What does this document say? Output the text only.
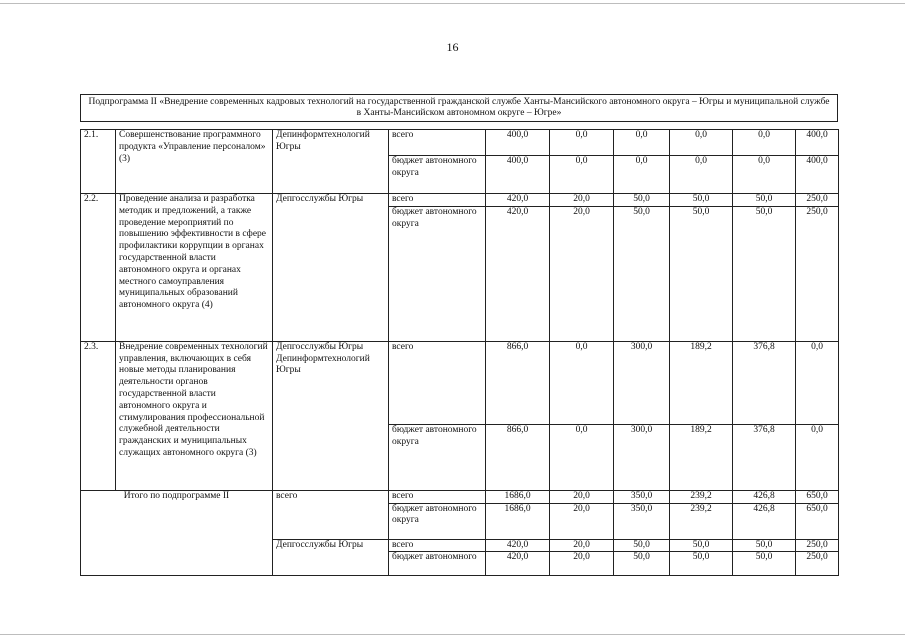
16
Подпрограмма II «Внедрение современных кадровых технологий на государственной гражданской службе Ханты-Мансийского автономного округа – Югры и муниципальной службе в Ханты-Мансийском автономном округе – Югре»
2.1.	Совершенствование программного продукта «Управление персоналом» (3)	Депинформтехнологий Югры	всего	400,0	0,0	0,0	0,0	0,0	400,0
			бюджет автономного округа	400,0	0,0	0,0	0,0	0,0	400,0
2.2.	Проведение анализа и разработка методик и предложений, а также проведение мероприятий по повышению эффективности в сфере профилактики коррупции в органах государственной власти автономного округа и органах местного самоуправления муниципальных образований автономного округа (4)	Депгосслужбы Югры	всего	420,0	20,0	50,0	50,0	50,0	250,0
			бюджет автономного округа	420,0	20,0	50,0	50,0	50,0	250,0
2.3.	Внедрение современных технологий управления, включающих в себя новые методы планирования деятельности органов государственной власти автономного округа и стимулирования профессиональной служебной деятельности гражданских и муниципальных служащих автономного округа (3)	Депгосслужбы Югры Депинформтехнологий Югры	всего	866,0	0,0	300,0	189,2	376,8	0,0
			бюджет автономного округа	866,0	0,0	300,0	189,2	376,8	0,0
Итого по подпрограмме II		всего	всего	1686,0	20,0	350,0	239,2	426,8	650,0
			бюджет автономного округа	1686,0	20,0	350,0	239,2	426,8	650,0
		Депгосслужбы Югры	всего	420,0	20,0	50,0	50,0	50,0	250,0
			бюджет автономного	420,0	20,0	50,0	50,0	50,0	250,0
